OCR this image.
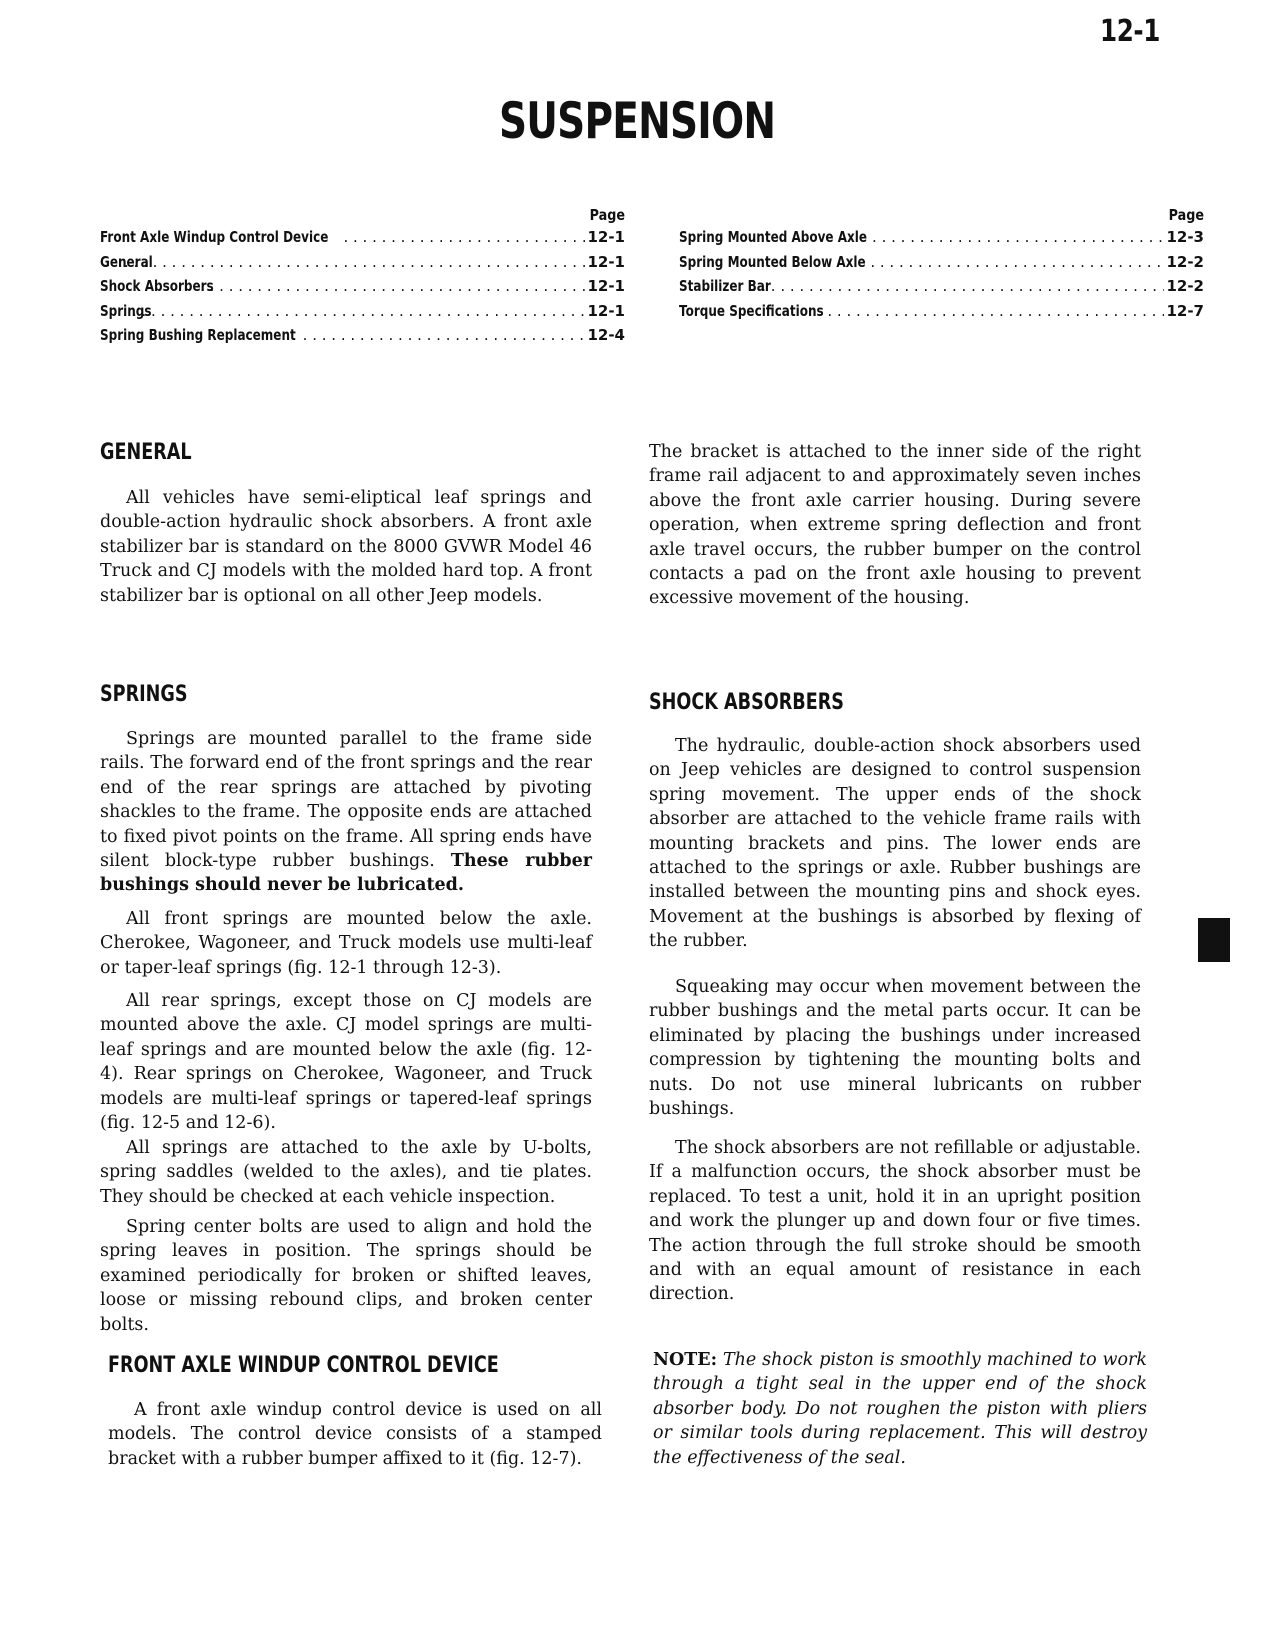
12-1
SUSPENSION
Page
Front Axle Windup Control Device . . .	12-1
General . . .	12-1
Shock Absorbers . . .	12-1
Springs . . .	12-1
Spring Bushing Replacement . . .	12-4
Page
Spring Mounted Above Axle . . .	12-3
Spring Mounted Below Axle . . .	12-2
Stabilizer Bar . . .	12-2
Torque Specifications . . .	12-7
GENERAL

All vehicles have semi-eliptical leaf springs and double-action hydraulic shock absorbers. A front axle stabilizer bar is standard on the 8000 GVWR Model 46 Truck and CJ models with the molded hard top. A front stabilizer bar is optional on all other Jeep models.

The bracket is attached to the inner side of the right frame rail adjacent to and approximately seven inches above the front axle carrier housing. During severe operation, when extreme spring deflection and front axle travel occurs, the rubber bumper on the control contacts a pad on the front axle housing to prevent excessive movement of the housing.

SPRINGS

Springs are mounted parallel to the frame side rails. The forward end of the front springs and the rear end of the rear springs are attached by pivoting shackles to the frame. The opposite ends are attached to fixed pivot points on the frame. All spring ends have silent block-type rubber bushings. These rubber bushings should never be lubricated.

All front springs are mounted below the axle. Cherokee, Wagoneer, and Truck models use multi-leaf or taper-leaf springs (fig. 12-1 through 12-3).

All rear springs, except those on CJ models are mounted above the axle. CJ model springs are multi-leaf springs and are mounted below the axle (fig. 12-4). Rear springs on Cherokee, Wagoneer, and Truck models are multi-leaf springs or tapered-leaf springs (fig. 12-5 and 12-6).

All springs are attached to the axle by U-bolts, spring saddles (welded to the axles), and tie plates. They should be checked at each vehicle inspection.

Spring center bolts are used to align and hold the spring leaves in position. The springs should be examined periodically for broken or shifted leaves, loose or missing rebound clips, and broken center bolts.

SHOCK ABSORBERS

The hydraulic, double-action shock absorbers used on Jeep vehicles are designed to control suspension spring movement. The upper ends of the shock absorber are attached to the vehicle frame rails with mounting brackets and pins. The lower ends are attached to the springs or axle. Rubber bushings are installed between the mounting pins and shock eyes. Movement at the bushings is absorbed by flexing of the rubber.

Squeaking may occur when movement between the rubber bushings and the metal parts occur. It can be eliminated by placing the bushings under increased compression by tightening the mounting bolts and nuts. Do not use mineral lubricants on rubber bushings.

The shock absorbers are not refillable or adjustable. If a malfunction occurs, the shock absorber must be replaced. To test a unit, hold it in an upright position and work the plunger up and down four or five times. The action through the full stroke should be smooth and with an equal amount of resistance in each direction.

FRONT AXLE WINDUP CONTROL DEVICE

A front axle windup control device is used on all models. The control device consists of a stamped bracket with a rubber bumper affixed to it (fig. 12-7).

NOTE: The shock piston is smoothly machined to work through a tight seal in the upper end of the shock absorber body. Do not roughen the piston with pliers or similar tools during replacement. This will destroy the effectiveness of the seal.
